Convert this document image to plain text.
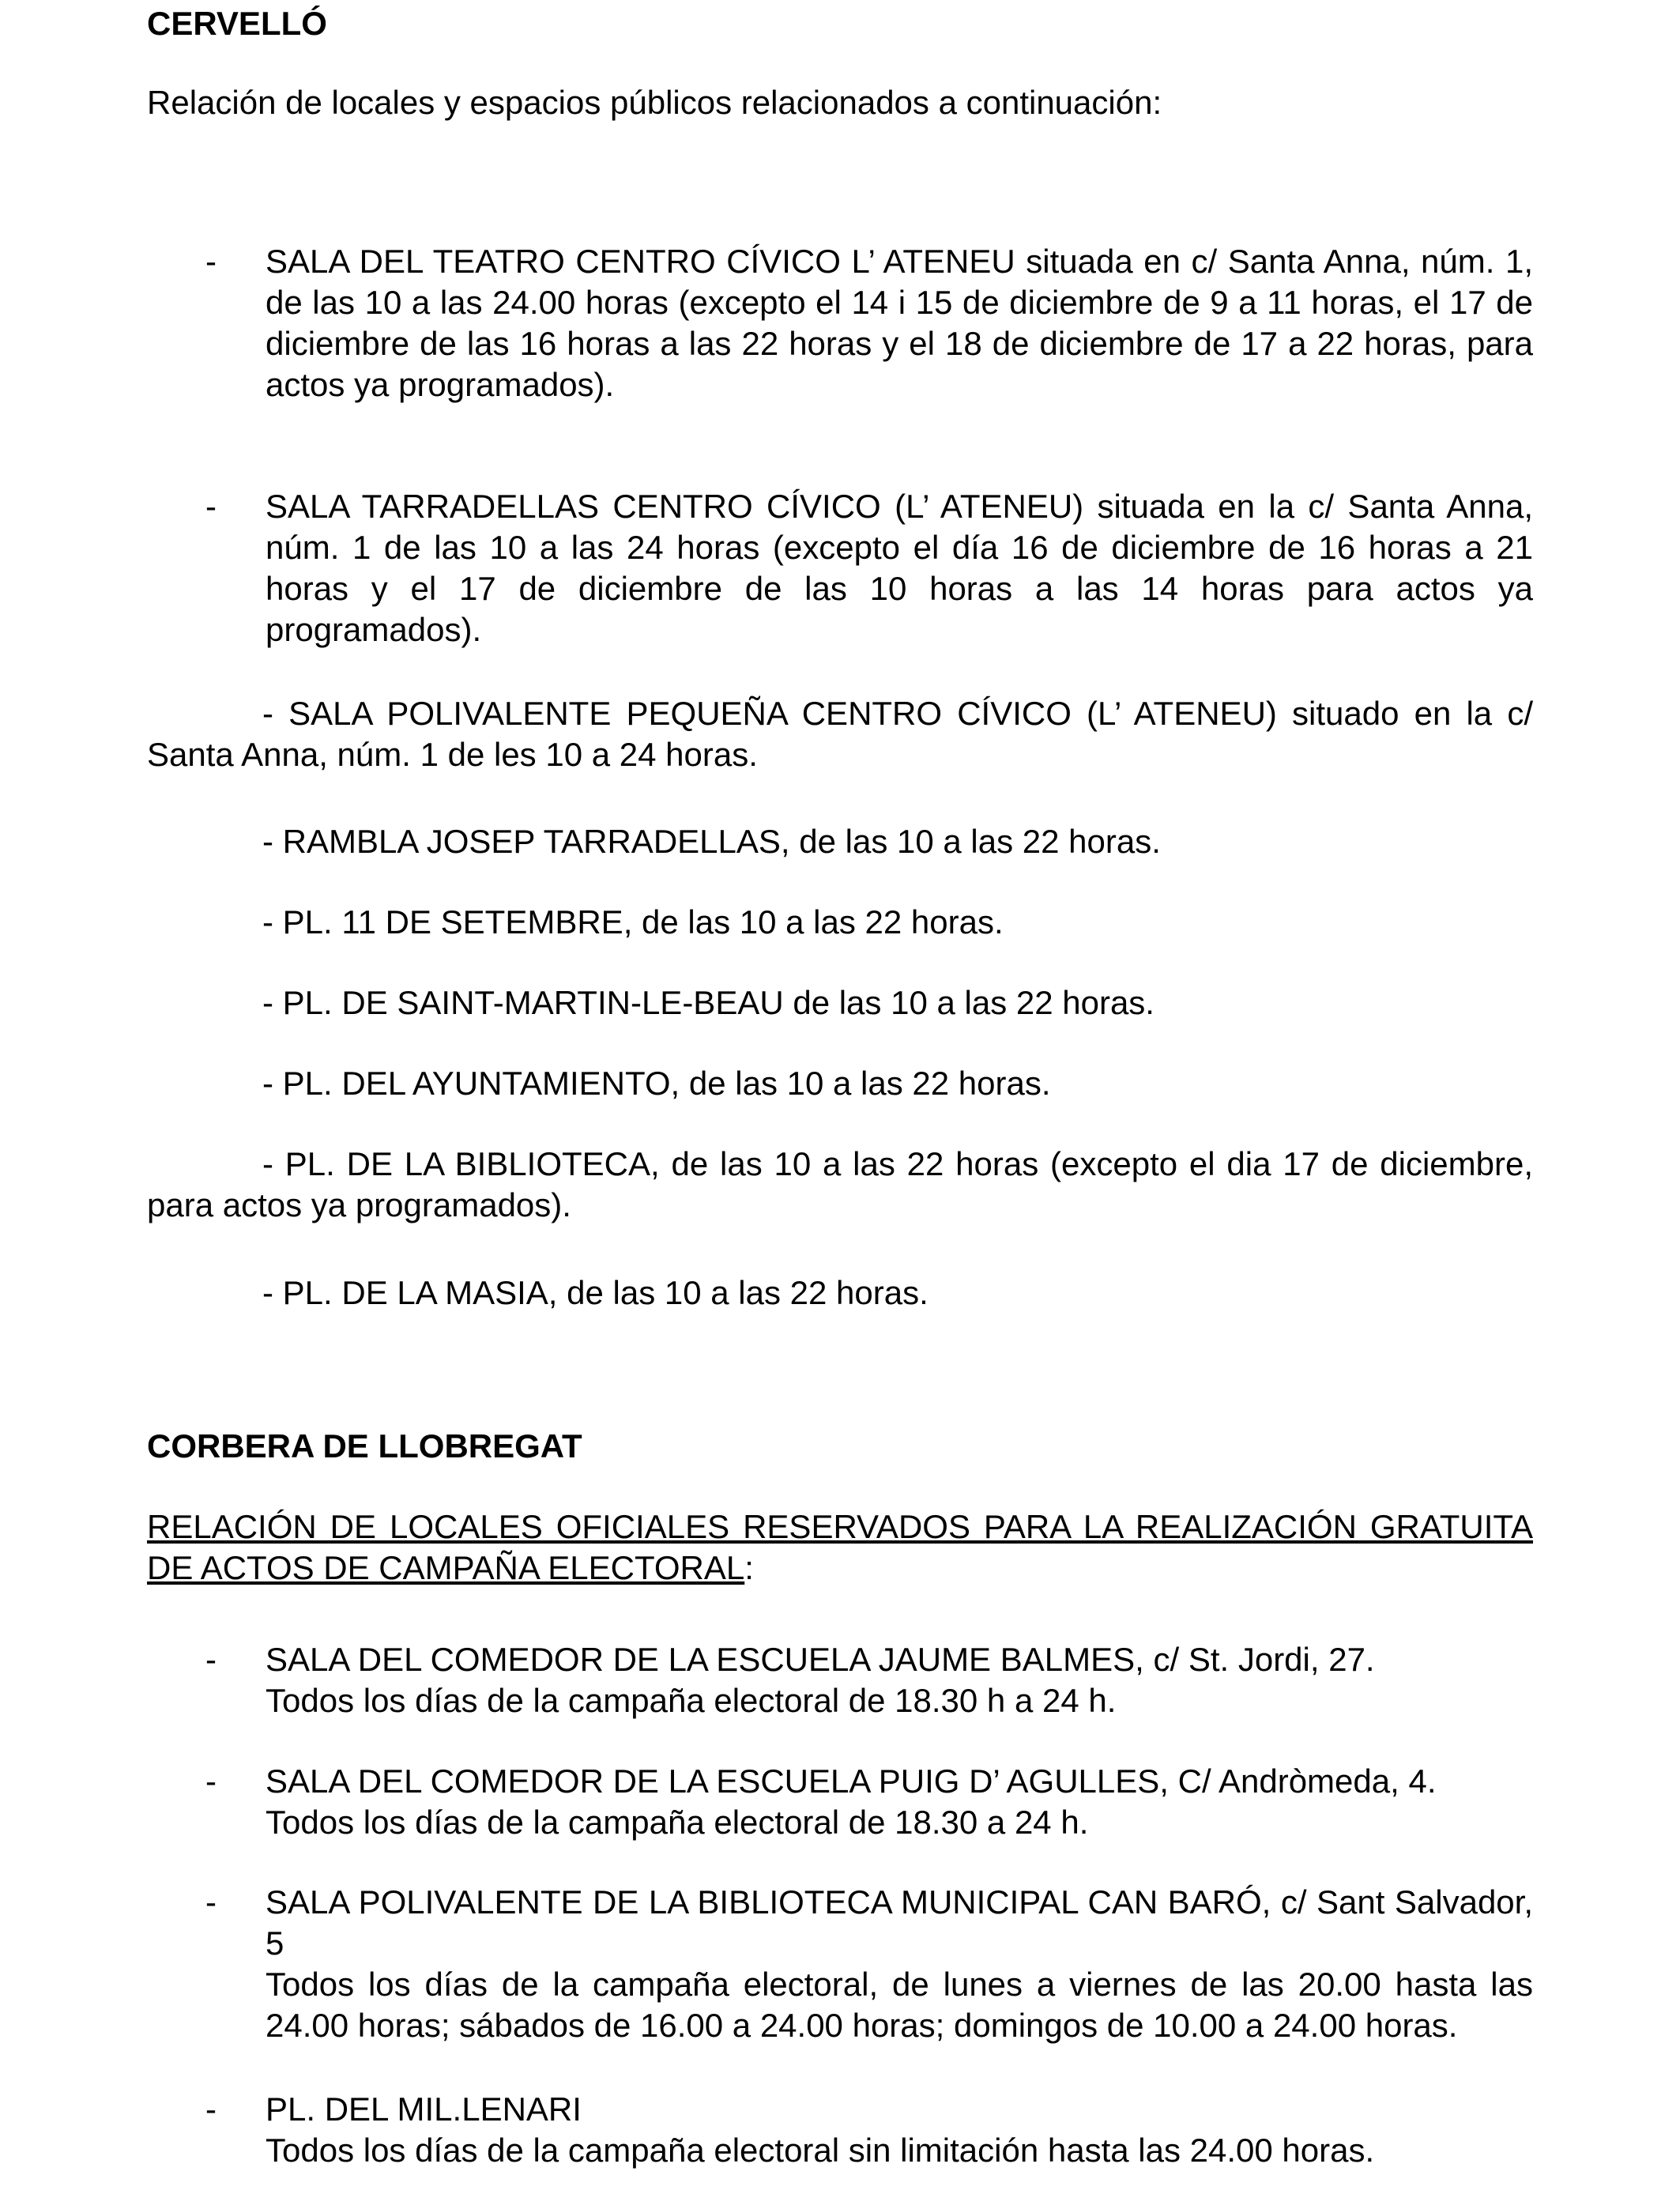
CERVELLÓ
Relación de locales y espacios públicos relacionados a continuación:
- SALA DEL TEATRO CENTRO CÍVICO L’ ATENEU situada en c/ Santa Anna, núm. 1, de las 10 a las 24.00 horas (excepto el 14 i 15 de diciembre de 9 a 11 horas, el 17 de diciembre de las 16 horas a las 22 horas y el 18 de diciembre de 17 a 22 horas, para actos ya programados).

- SALA TARRADELLAS CENTRO CÍVICO (L’ ATENEU) situada en la c/ Santa Anna, núm. 1 de las 10 a las 24 horas (excepto el día 16 de diciembre de 16 horas a 21 horas y el 17 de diciembre de las 10 horas a las 14 horas para actos ya programados).

- SALA POLIVALENTE PEQUEÑA CENTRO CÍVICO (L’ ATENEU) situado en la c/ Santa Anna, núm. 1 de les 10 a 24 horas.
- RAMBLA JOSEP TARRADELLAS, de las 10 a las 22 horas.
- PL. 11 DE SETEMBRE, de las 10 a las 22 horas.
- PL. DE SAINT-MARTIN-LE-BEAU de las 10 a las 22 horas.
- PL. DEL AYUNTAMIENTO, de las 10 a las 22 horas.
- PL. DE LA BIBLIOTECA, de las 10 a las 22 horas (excepto el dia 17 de diciembre, para actos ya programados).
- PL. DE LA MASIA, de las 10 a las 22 horas.
CORBERA DE LLOBREGAT
RELACIÓN DE LOCALES OFICIALES RESERVADOS PARA LA REALIZACIÓN GRATUITA DE ACTOS DE CAMPAÑA ELECTORAL:
- SALA DEL COMEDOR DE LA ESCUELA JAUME BALMES, c/ St. Jordi, 27.

Todos los días de la campaña electoral de 18.30 h a 24 h.

- SALA DEL COMEDOR DE LA ESCUELA PUIG D’ AGULLES, C/ Andròmeda, 4.

Todos los días de la campaña electoral de 18.30 a 24 h.

- SALA POLIVALENTE DE LA BIBLIOTECA MUNICIPAL CAN BARÓ, c/ Sant Salvador, 5

Todos los días de la campaña electoral, de lunes a viernes de las 20.00 hasta las 24.00 horas; sábados de 16.00 a 24.00 horas; domingos de 10.00 a 24.00 horas.

- PL. DEL MIL.LENARI

Todos los días de la campaña electoral sin limitación hasta las 24.00 horas.
